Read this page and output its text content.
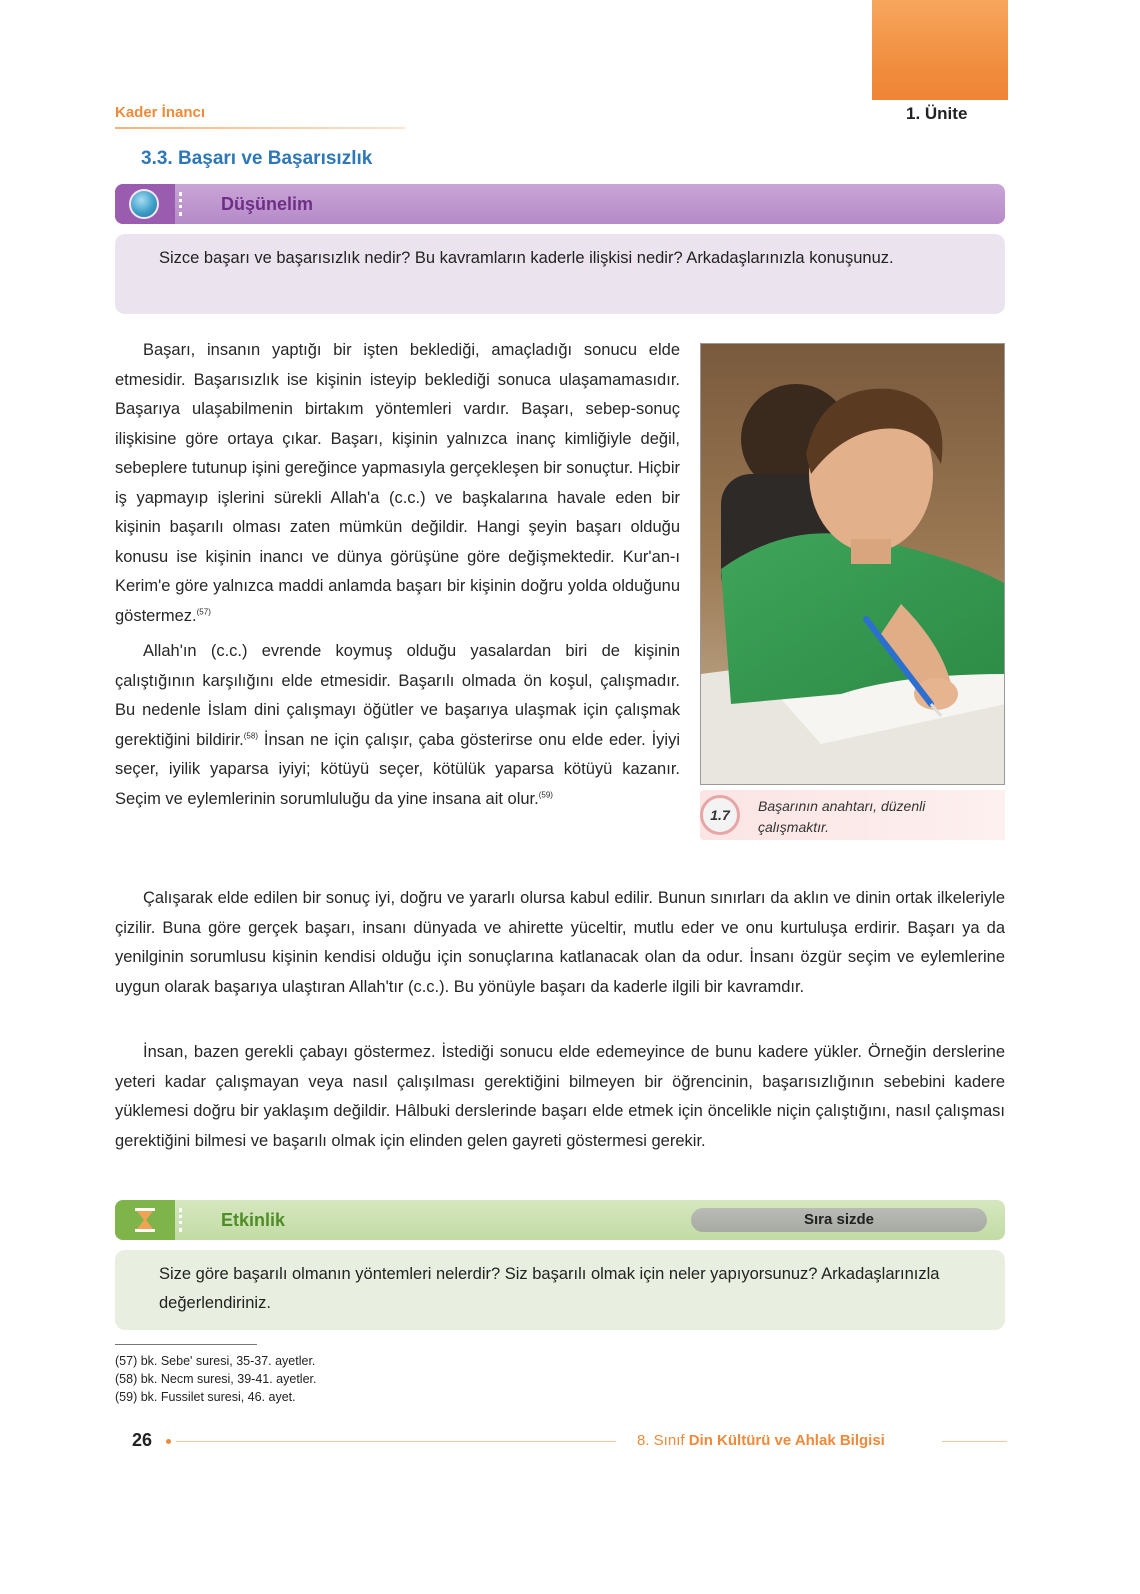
1. Ünite
Kader İnancı
3.3. Başarı ve Başarısızlık
Düşünelim
Sizce başarı ve başarısızlık nedir? Bu kavramların kaderle ilişkisi nedir? Arkadaşlarınızla konuşunuz.

Başarı, insanın yaptığı bir işten beklediği, amaçladığı sonucu elde etmesidir. Başarısızlık ise kişinin isteyip beklediği sonuca ulaşamamasıdır. Başarıya ulaşabilmenin birtakım yöntemleri vardır. Başarı, sebep-sonuç ilişkisine göre ortaya çıkar. Başarı, kişinin yalnızca inanç kimliğiyle değil, sebeplere tutunup işini gereğince yapmasıyla gerçekleşen bir sonuçtur. Hiçbir iş yapmayıp işlerini sürekli Allah'a (c.c.) ve başkalarına havale eden bir kişinin başarılı olması zaten mümkün değildir. Hangi şeyin başarı olduğu konusu ise kişinin inancı ve dünya görüşüne göre değişmektedir. Kur'an-ı Kerim'e göre yalnızca maddi anlamda başarı bir kişinin doğru yolda olduğunu göstermez.$^{(57)}$

Allah'ın (c.c.) evrende koymuş olduğu yasalardan biri de kişinin çalıştığının karşılığını elde etmesidir. Başarılı olmada ön koşul, çalışmadır. Bu nedenle İslam dini çalışmayı öğütler ve başarıya ulaşmak için çalışmak gerektiğini bildirir.$^{(58)}$ İnsan ne için çalışır, çaba gösterirse onu elde eder. İyiyi seçer, iyilik yaparsa iyiyi; kötüyü seçer, kötülük yaparsa kötüyü kazanır. Seçim ve eylemlerinin sorumluluğu da yine insana ait olur.$^{(59)}$

1.7
Başarının anahtarı, düzenli çalışmaktır.

Çalışarak elde edilen bir sonuç iyi, doğru ve yararlı olursa kabul edilir. Bunun sınırları da aklın ve dinin ortak ilkeleriyle çizilir. Buna göre gerçek başarı, insanı dünyada ve ahirette yüceltir, mutlu eder ve onu kurtuluşa erdirir. Başarı ya da yenilginin sorumlusu kişinin kendisi olduğu için sonuçlarına katlanacak olan da odur. İnsanı özgür seçim ve eylemlerine uygun olarak başarıya ulaştıran Allah'tır (c.c.). Bu yönüyle başarı da kaderle ilgili bir kavramdır.

İnsan, bazen gerekli çabayı göstermez. İstediği sonucu elde edemeyince de bunu kadere yükler. Örneğin derslerine yeteri kadar çalışmayan veya nasıl çalışılması gerektiğini bilmeyen bir öğrencinin, başarısızlığının sebebini kadere yüklemesi doğru bir yaklaşım değildir. Hâlbuki derslerinde başarı elde etmek için öncelikle niçin çalıştığını, nasıl çalışması gerektiğini bilmesi ve başarılı olmak için elinden gelen gayreti göstermesi gerekir.

Etkinlik	Sıra sizde
Size göre başarılı olmanın yöntemleri nelerdir? Siz başarılı olmak için neler yapıyorsunuz? Arkadaşlarınızla değerlendiriniz.
(57) bk. Sebe' suresi, 35-37. ayetler.
(58) bk. Necm suresi, 39-41. ayetler.
(59) bk. Fussilet suresi, 46. ayet.
26	8. Sınıf Din Kültürü ve Ahlak Bilgisi
